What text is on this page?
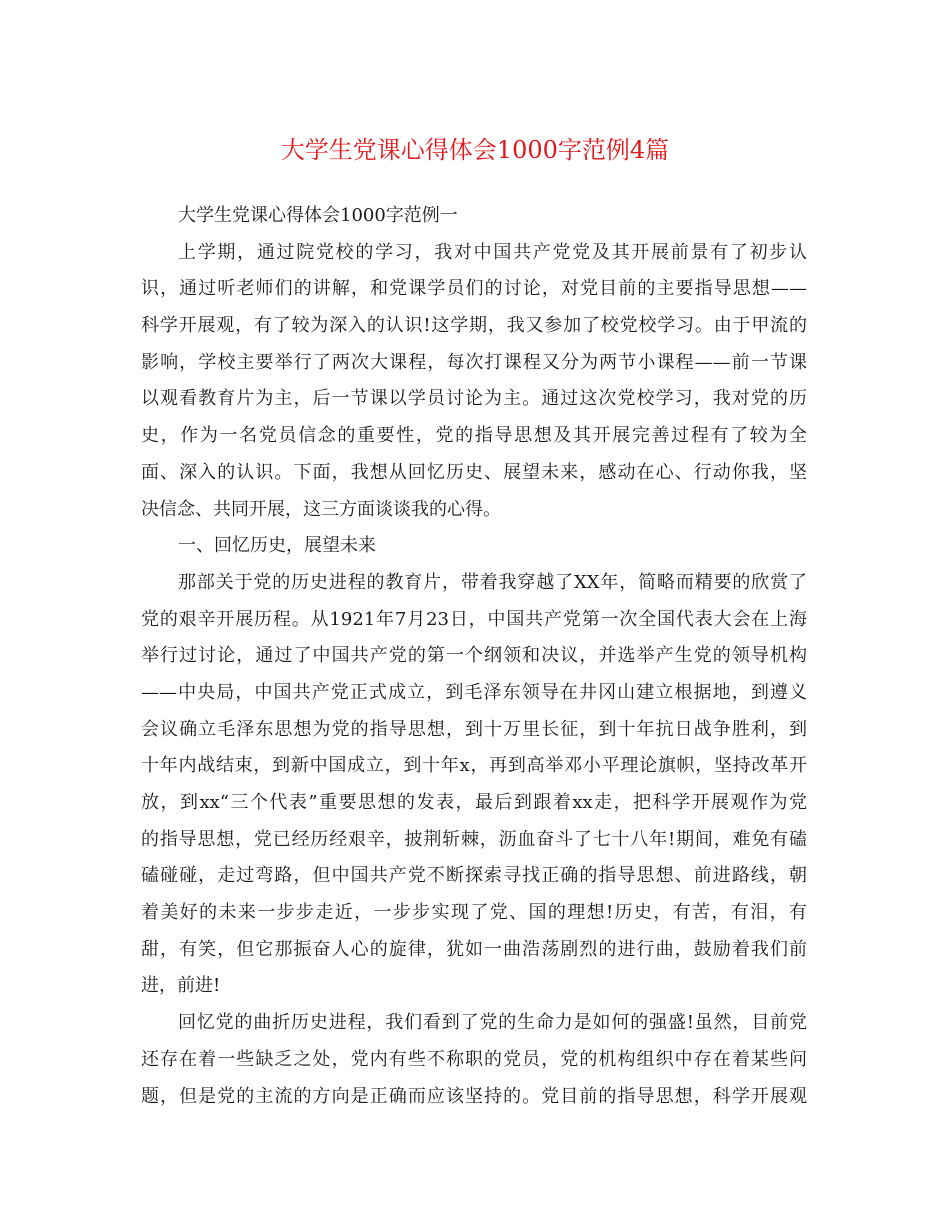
大学生党课心得体会1000字范例4篇
大学生党课心得体会1000字范例一
上学期，通过院党校的学习，我对中国共产党党及其开展前景有了初步认
识，通过听老师们的讲解，和党课学员们的讨论，对党目前的主要指导思想——
科学开展观，有了较为深入的认识!这学期，我又参加了校党校学习。由于甲流的
影响，学校主要举行了两次大课程，每次打课程又分为两节小课程——前一节课
以观看教育片为主，后一节课以学员讨论为主。通过这次党校学习，我对党的历
史，作为一名党员信念的重要性，党的指导思想及其开展完善过程有了较为全
面、深入的认识。下面，我想从回忆历史、展望未来，感动在心、行动你我，坚
决信念、共同开展，这三方面谈谈我的心得。
一、回忆历史，展望未来
那部关于党的历史进程的教育片，带着我穿越了XX年，简略而精要的欣赏了
党的艰辛开展历程。从1921年7月23日，中国共产党第一次全国代表大会在上海
举行过讨论，通过了中国共产党的第一个纲领和决议，并选举产生党的领导机构
——中央局，中国共产党正式成立，到毛泽东领导在井冈山建立根据地，到遵义
会议确立毛泽东思想为党的指导思想，到十万里长征，到十年抗日战争胜利，到
十年内战结束，到新中国成立，到十年x，再到高举邓小平理论旗帜，坚持改革开
放，到xx“三个代表”重要思想的发表，最后到跟着xx走，把科学开展观作为党
的指导思想，党已经历经艰辛，披荆斩棘，沥血奋斗了七十八年!期间，难免有磕
磕碰碰，走过弯路，但中国共产党不断探索寻找正确的指导思想、前进路线，朝
着美好的未来一步步走近，一步步实现了党、国的理想!历史，有苦，有泪，有
甜，有笑，但它那振奋人心的旋律，犹如一曲浩荡剧烈的进行曲，鼓励着我们前
进，前进!
回忆党的曲折历史进程，我们看到了党的生命力是如何的强盛!虽然，目前党
还存在着一些缺乏之处，党内有些不称职的党员，党的机构组织中存在着某些问
题，但是党的主流的方向是正确而应该坚持的。党目前的指导思想，科学开展观
